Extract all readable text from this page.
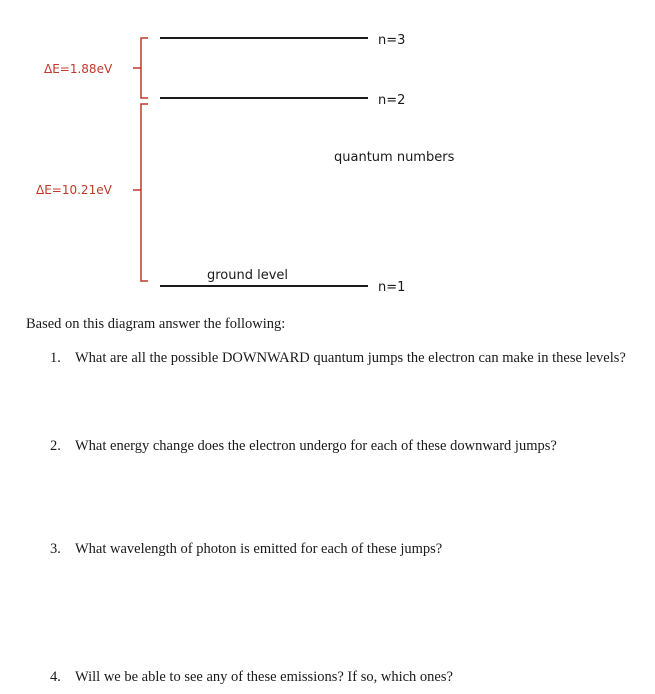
n=3
n=2
n=1
quantum numbers
ground level
ΔE=1.88eV
ΔE=10.21eV
Based on this diagram answer the following:
1. What are all the possible DOWNWARD quantum jumps the electron can make in these levels?
2. What energy change does the electron undergo for each of these downward jumps?
3. What wavelength of photon is emitted for each of these jumps?
4. Will we be able to see any of these emissions? If so, which ones?
